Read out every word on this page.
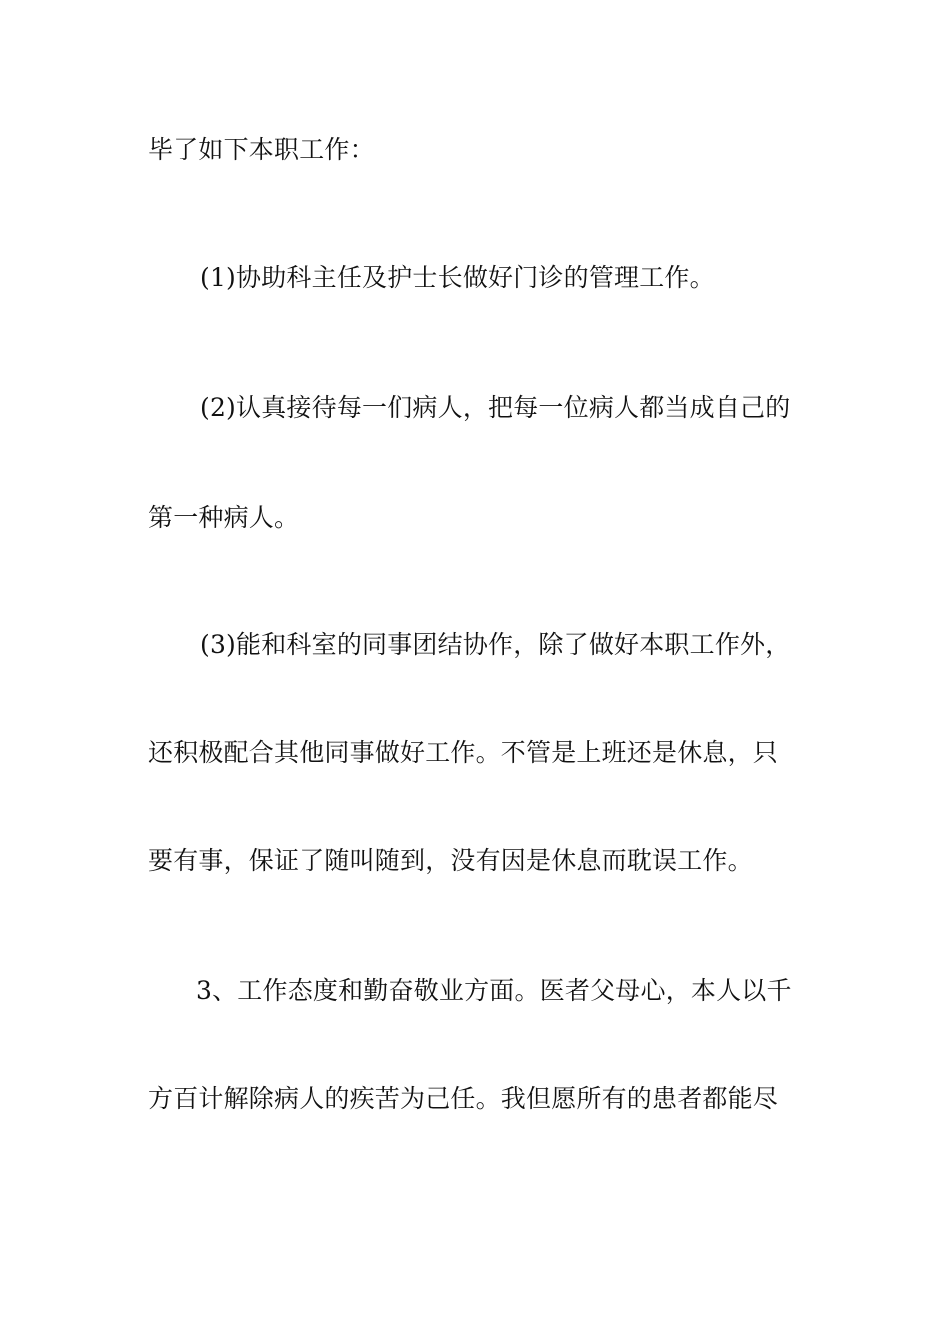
毕了如下本职工作：

(1)协助科主任及护士长做好门诊的管理工作。

(2)认真接待每一们病人，把每一位病人都当成自己的

第一种病人。

(3)能和科室的同事团结协作，除了做好本职工作外，

还积极配合其他同事做好工作。不管是上班还是休息，只

要有事，保证了随叫随到，没有因是休息而耽误工作。

3、工作态度和勤奋敬业方面。医者父母心，本人以千

方百计解除病人的疾苦为己任。我但愿所有的患者都能尽
